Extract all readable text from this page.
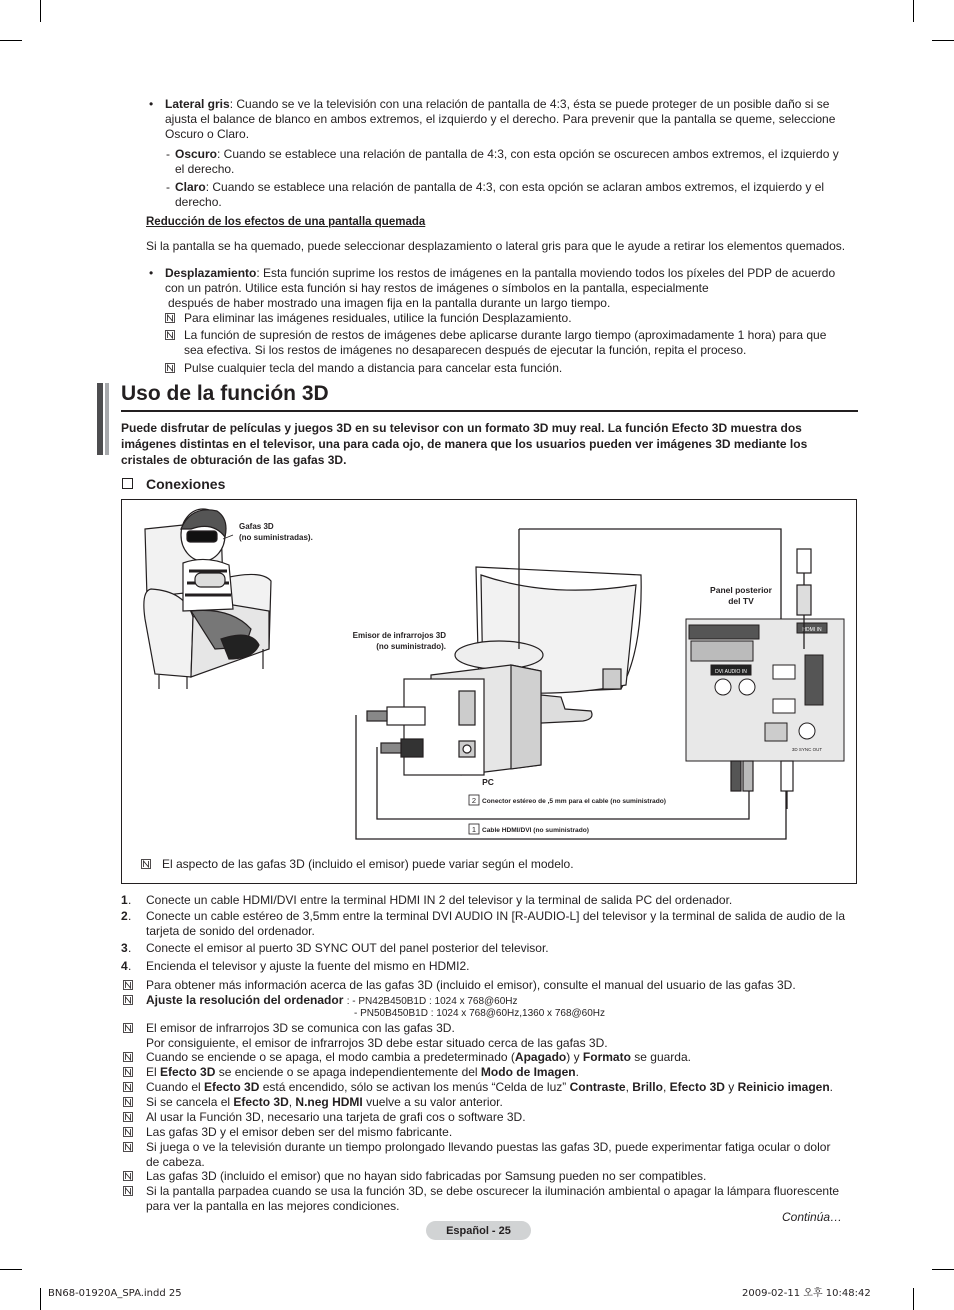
• Lateral gris: Cuando se ve la televisión con una relación de pantalla de 4:3, ésta se puede proteger de un posible daño si se
ajusta el balance de blanco en ambos extremos, el izquierdo y el derecho. Para prevenir que la pantalla se queme, seleccione
Oscuro o Claro.
- Oscuro: Cuando se establece una relación de pantalla de 4:3, con esta opción se oscurecen ambos extremos, el izquierdo y
el derecho.
- Claro: Cuando se establece una relación de pantalla de 4:3, con esta opción se aclaran ambos extremos, el izquierdo y el
derecho.
Reducción de los efectos de una pantalla quemada
Si la pantalla se ha quemado, puede seleccionar desplazamiento o lateral gris para que le ayude a retirar los elementos quemados.
• Desplazamiento: Esta función suprime los restos de imágenes en la pantalla moviendo todos los píxeles del PDP de acuerdo
con un patrón. Utilice esta función si hay restos de imágenes o símbolos en la pantalla, especialmente
después de haber mostrado una imagen fija en la pantalla durante un largo tiempo.
Para eliminar las imágenes residuales, utilice la función Desplazamiento.
La función de supresión de restos de imágenes debe aplicarse durante largo tiempo (aproximadamente 1 hora) para que
sea efectiva. Si los restos de imágenes no desaparecen después de ejecutar la función, repita el proceso.
Pulse cualquier tecla del mando a distancia para cancelar esta función.
Uso de la función 3D
Puede disfrutar de películas y juegos 3D en su televisor con un formato 3D muy real. La función Efecto 3D muestra dos
imágenes distintas en el televisor, una para cada ojo, de manera que los usuarios pueden ver imágenes 3D mediante los
cristales de obturación de las gafas 3D.
Conexiones
Gafas 3D
(no suministradas).
Emisor de infrarrojos 3D
(no suministrado).
PC
Panel posterior
del TV
DVI AUDIO IN
HDMI IN
3D SYNC OUT
2 Conector estéreo de ,5 mm para el cable (no suministrado)
1 Cable HDMI/DVI (no suministrado)
El aspecto de las gafas 3D (incluido el emisor) puede variar según el modelo.
1 . Conecte un cable HDMI/DVI entre la terminal HDMI IN 2 del televisor y la terminal de salida PC del ordenador.
2 . Conecte un cable estéreo de 3,5mm entre la terminal DVI AUDIO IN [R-AUDIO-L] del televisor y la terminal de salida de audio de la
tarjeta de sonido del ordenador.
3 . Conecte el emisor al puerto 3D SYNC OUT del panel posterior del televisor.
4 . Encienda el televisor y ajuste la fuente del mismo en HDMI2.
Para obtener más información acerca de las gafas 3D (incluido el emisor), consulte el manual del usuario de las gafas 3D.
Ajuste la resolución del ordenador : - PN42B450B1D : 1024 x 768@60Hz
- PN50B450B1D : 1024 x 768@60Hz,1360 x 768@60Hz
El emisor de infrarrojos 3D se comunica con las gafas 3D.
Por consiguiente, el emisor de infrarrojos 3D debe estar situado cerca de las gafas 3D.
Cuando se enciende o se apaga, el modo cambia a predeterminado (Apagado) y Formato se guarda.
El Efecto 3D se enciende o se apaga independientemente del Modo de Imagen.
Cuando el Efecto 3D está encendido, sólo se activan los menús “Celda de luz” Contraste, Brillo, Efecto 3D y Reinicio imagen.
Si se cancela el Efecto 3D, N.neg HDMI vuelve a su valor anterior.
Al usar la Función 3D, necesario una tarjeta de grafi cos o software 3D.
Las gafas 3D y el emisor deben ser del mismo fabricante.
Si juega o ve la televisión durante un tiempo prolongado llevando puestas las gafas 3D, puede experimentar fatiga ocular o dolor
de cabeza.
Las gafas 3D (incluido el emisor) que no hayan sido fabricadas por Samsung pueden no ser compatibles.
Si la pantalla parpadea cuando se usa la función 3D, se debe oscurecer la iluminación ambiental o apagar la lámpara fluorescente
para ver la pantalla en las mejores condiciones.
Continúa…
Español - 25
BN68-01920A_SPA.indd 25	2009-02-11 오후 10:48:42
